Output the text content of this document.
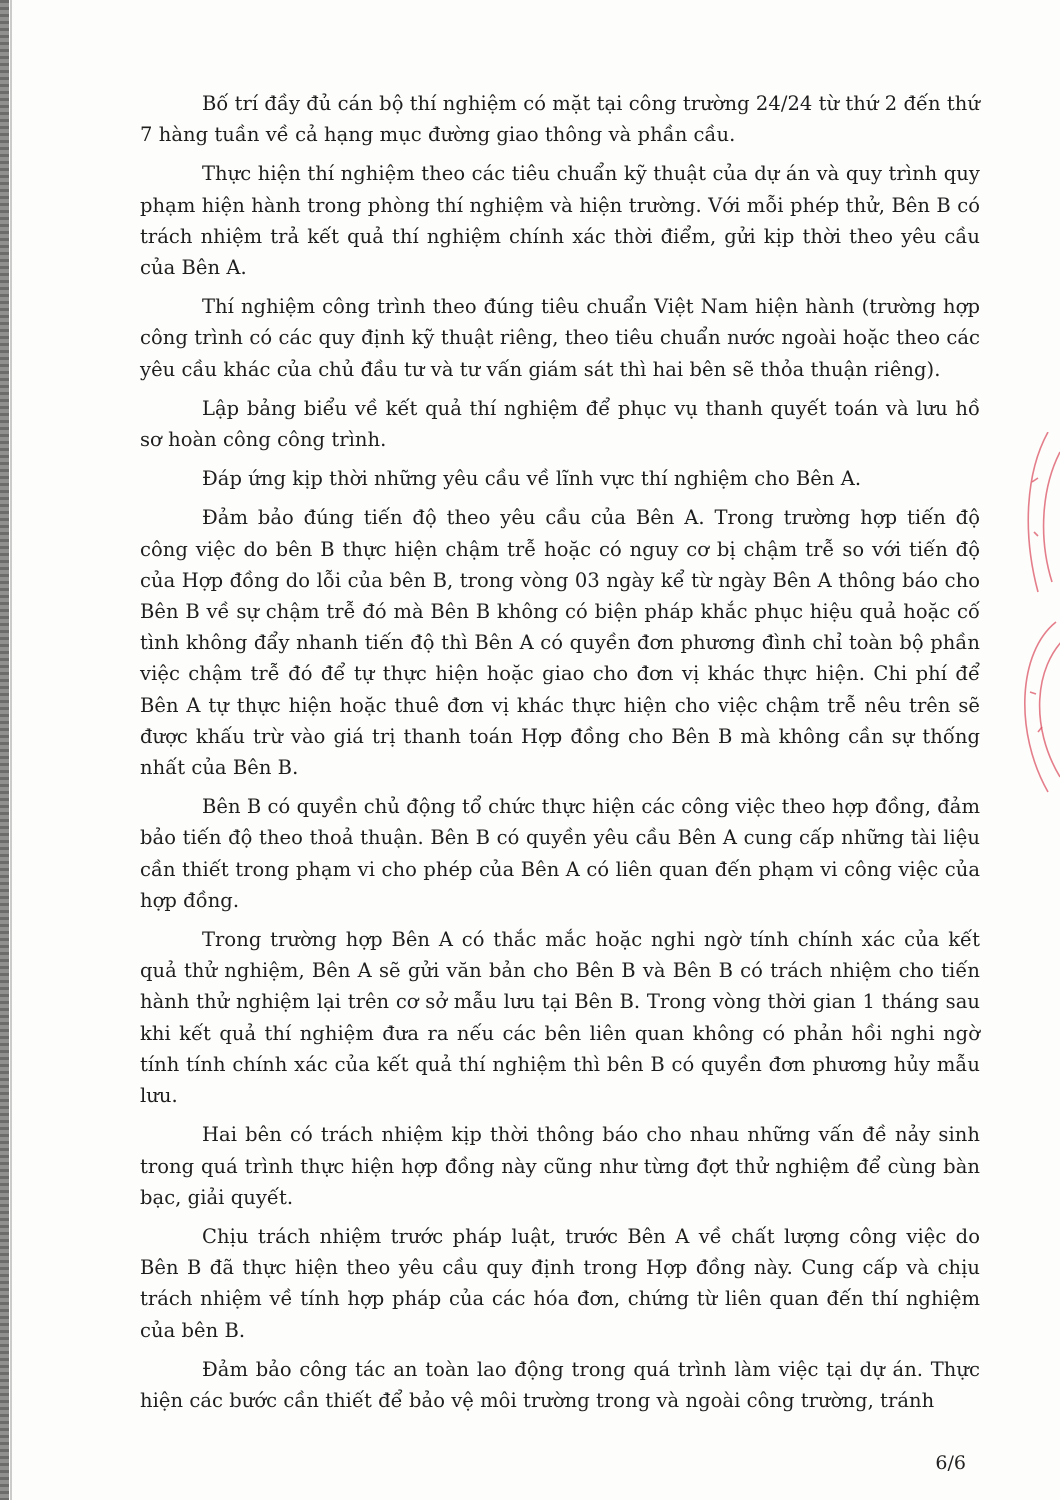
Bố trí đầy đủ cán bộ thí nghiệm có mặt tại công trường 24/24 từ thứ 2 đến thứ 7 hàng tuần về cả hạng mục đường giao thông và phần cầu.

Thực hiện thí nghiệm theo các tiêu chuẩn kỹ thuật của dự án và quy trình quy phạm hiện hành trong phòng thí nghiệm và hiện trường. Với mỗi phép thử, Bên B có trách nhiệm trả kết quả thí nghiệm chính xác thời điểm, gửi kịp thời theo yêu cầu của Bên A.

Thí nghiệm công trình theo đúng tiêu chuẩn Việt Nam hiện hành (trường hợp công trình có các quy định kỹ thuật riêng, theo tiêu chuẩn nước ngoài hoặc theo các yêu cầu khác của chủ đầu tư và tư vấn giám sát thì hai bên sẽ thỏa thuận riêng).

Lập bảng biểu về kết quả thí nghiệm để phục vụ thanh quyết toán và lưu hồ sơ hoàn công công trình.

Đáp ứng kịp thời những yêu cầu về lĩnh vực thí nghiệm cho Bên A.

Đảm bảo đúng tiến độ theo yêu cầu của Bên A. Trong trường hợp tiến độ công việc do bên B thực hiện chậm trễ hoặc có nguy cơ bị chậm trễ so với tiến độ của Hợp đồng do lỗi của bên B, trong vòng 03 ngày kể từ ngày Bên A thông báo cho Bên B về sự chậm trễ đó mà Bên B không có biện pháp khắc phục hiệu quả hoặc cố tình không đẩy nhanh tiến độ thì Bên A có quyền đơn phương đình chỉ toàn bộ phần việc chậm trễ đó để tự thực hiện hoặc giao cho đơn vị khác thực hiện. Chi phí để Bên A tự thực hiện hoặc thuê đơn vị khác thực hiện cho việc chậm trễ nêu trên sẽ được khấu trừ vào giá trị thanh toán Hợp đồng cho Bên B mà không cần sự thống nhất của Bên B.

Bên B có quyền chủ động tổ chức thực hiện các công việc theo hợp đồng, đảm bảo tiến độ theo thoả thuận. Bên B có quyền yêu cầu Bên A cung cấp những tài liệu cần thiết trong phạm vi cho phép của Bên A có liên quan đến phạm vi công việc của hợp đồng.

Trong trường hợp Bên A có thắc mắc hoặc nghi ngờ tính chính xác của kết quả thử nghiệm, Bên A sẽ gửi văn bản cho Bên B và Bên B có trách nhiệm cho tiến hành thử nghiệm lại trên cơ sở mẫu lưu tại Bên B. Trong vòng thời gian 1 tháng sau khi kết quả thí nghiệm đưa ra nếu các bên liên quan không có phản hồi nghi ngờ tính tính chính xác của kết quả thí nghiệm thì bên B có quyền đơn phương hủy mẫu lưu.

Hai bên có trách nhiệm kịp thời thông báo cho nhau những vấn đề nảy sinh trong quá trình thực hiện hợp đồng này cũng như từng đợt thử nghiệm để cùng bàn bạc, giải quyết.

Chịu trách nhiệm trước pháp luật, trước Bên A về chất lượng công việc do Bên B đã thực hiện theo yêu cầu quy định trong Hợp đồng này. Cung cấp và chịu trách nhiệm về tính hợp pháp của các hóa đơn, chứng từ liên quan đến thí nghiệm của bên B.

Đảm bảo công tác an toàn lao động trong quá trình làm việc tại dự án. Thực hiện các bước cần thiết để bảo vệ môi trường trong và ngoài công trường, tránh

6/6
